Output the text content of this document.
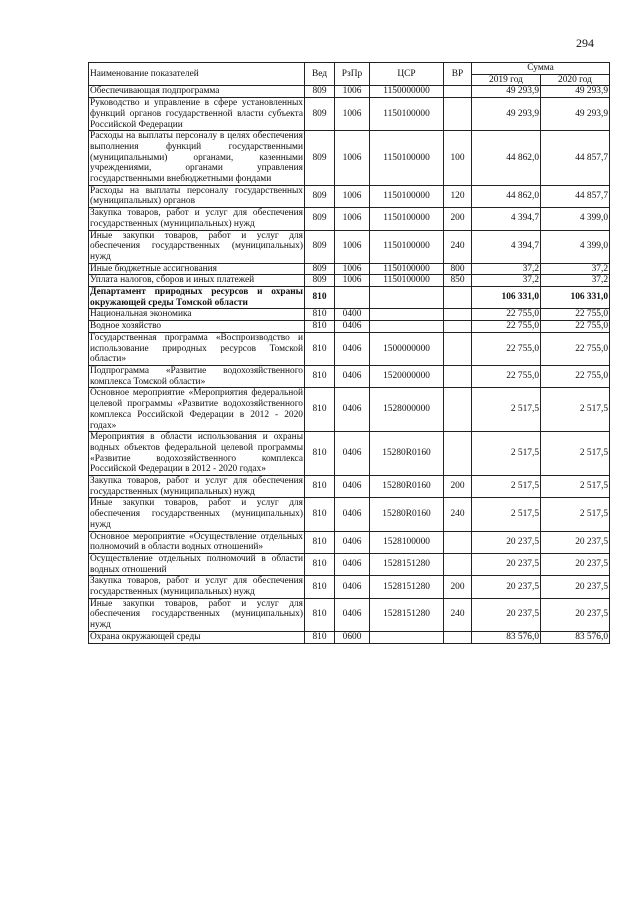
294
Наименование показателей	Вед	РзПр	ЦСР	ВР	Сумма	
					2019 год	2020 год
Обеспечивающая подпрограмма	809	1006	1150000000		49 293,9	49 293,9
Руководство и управление в сфере установленных функций органов государственной власти субъекта Российской Федерации	809	1006	1150100000		49 293,9	49 293,9
Расходы на выплаты персоналу в целях обеспечения выполнения функций государственными (муниципальными) органами, казенными учреждениями, органами управления государственными внебюджетными фондами	809	1006	1150100000	100	44 862,0	44 857,7
Расходы на выплаты персоналу государственных (муниципальных) органов	809	1006	1150100000	120	44 862,0	44 857,7
Закупка товаров, работ и услуг для обеспечения государственных (муниципальных) нужд	809	1006	1150100000	200	4 394,7	4 399,0
Иные закупки товаров, работ и услуг для обеспечения государственных (муниципальных) нужд	809	1006	1150100000	240	4 394,7	4 399,0
Иные бюджетные ассигнования	809	1006	1150100000	800	37,2	37,2
Уплата налогов, сборов и иных платежей	809	1006	1150100000	850	37,2	37,2
Департамент природных ресурсов и охраны окружающей среды Томской области	810				106 331,0	106 331,0
Национальная экономика	810	0400			22 755,0	22 755,0
Водное хозяйство	810	0406			22 755,0	22 755,0
Государственная программа «Воспроизводство и использование природных ресурсов Томской области»	810	0406	1500000000		22 755,0	22 755,0
Подпрограмма «Развитие водохозяйственного комплекса Томской области»	810	0406	1520000000		22 755,0	22 755,0
Основное мероприятие «Мероприятия федеральной целевой программы «Развитие водохозяйственного комплекса Российской Федерации в 2012 - 2020 годах»	810	0406	1528000000		2 517,5	2 517,5
Мероприятия в области использования и охраны водных объектов федеральной целевой программы «Развитие водохозяйственного комплекса Российской Федерации в 2012 - 2020 годах»	810	0406	15280R0160		2 517,5	2 517,5
Закупка товаров, работ и услуг для обеспечения государственных (муниципальных) нужд	810	0406	15280R0160	200	2 517,5	2 517,5
Иные закупки товаров, работ и услуг для обеспечения государственных (муниципальных) нужд	810	0406	15280R0160	240	2 517,5	2 517,5
Основное мероприятие «Осуществление отдельных полномочий в области водных отношений»	810	0406	1528100000		20 237,5	20 237,5
Осуществление отдельных полномочий в области водных отношений	810	0406	1528151280		20 237,5	20 237,5
Закупка товаров, работ и услуг для обеспечения государственных (муниципальных) нужд	810	0406	1528151280	200	20 237,5	20 237,5
Иные закупки товаров, работ и услуг для обеспечения государственных (муниципальных) нужд	810	0406	1528151280	240	20 237,5	20 237,5
Охрана окружающей среды	810	0600			83 576,0	83 576,0
